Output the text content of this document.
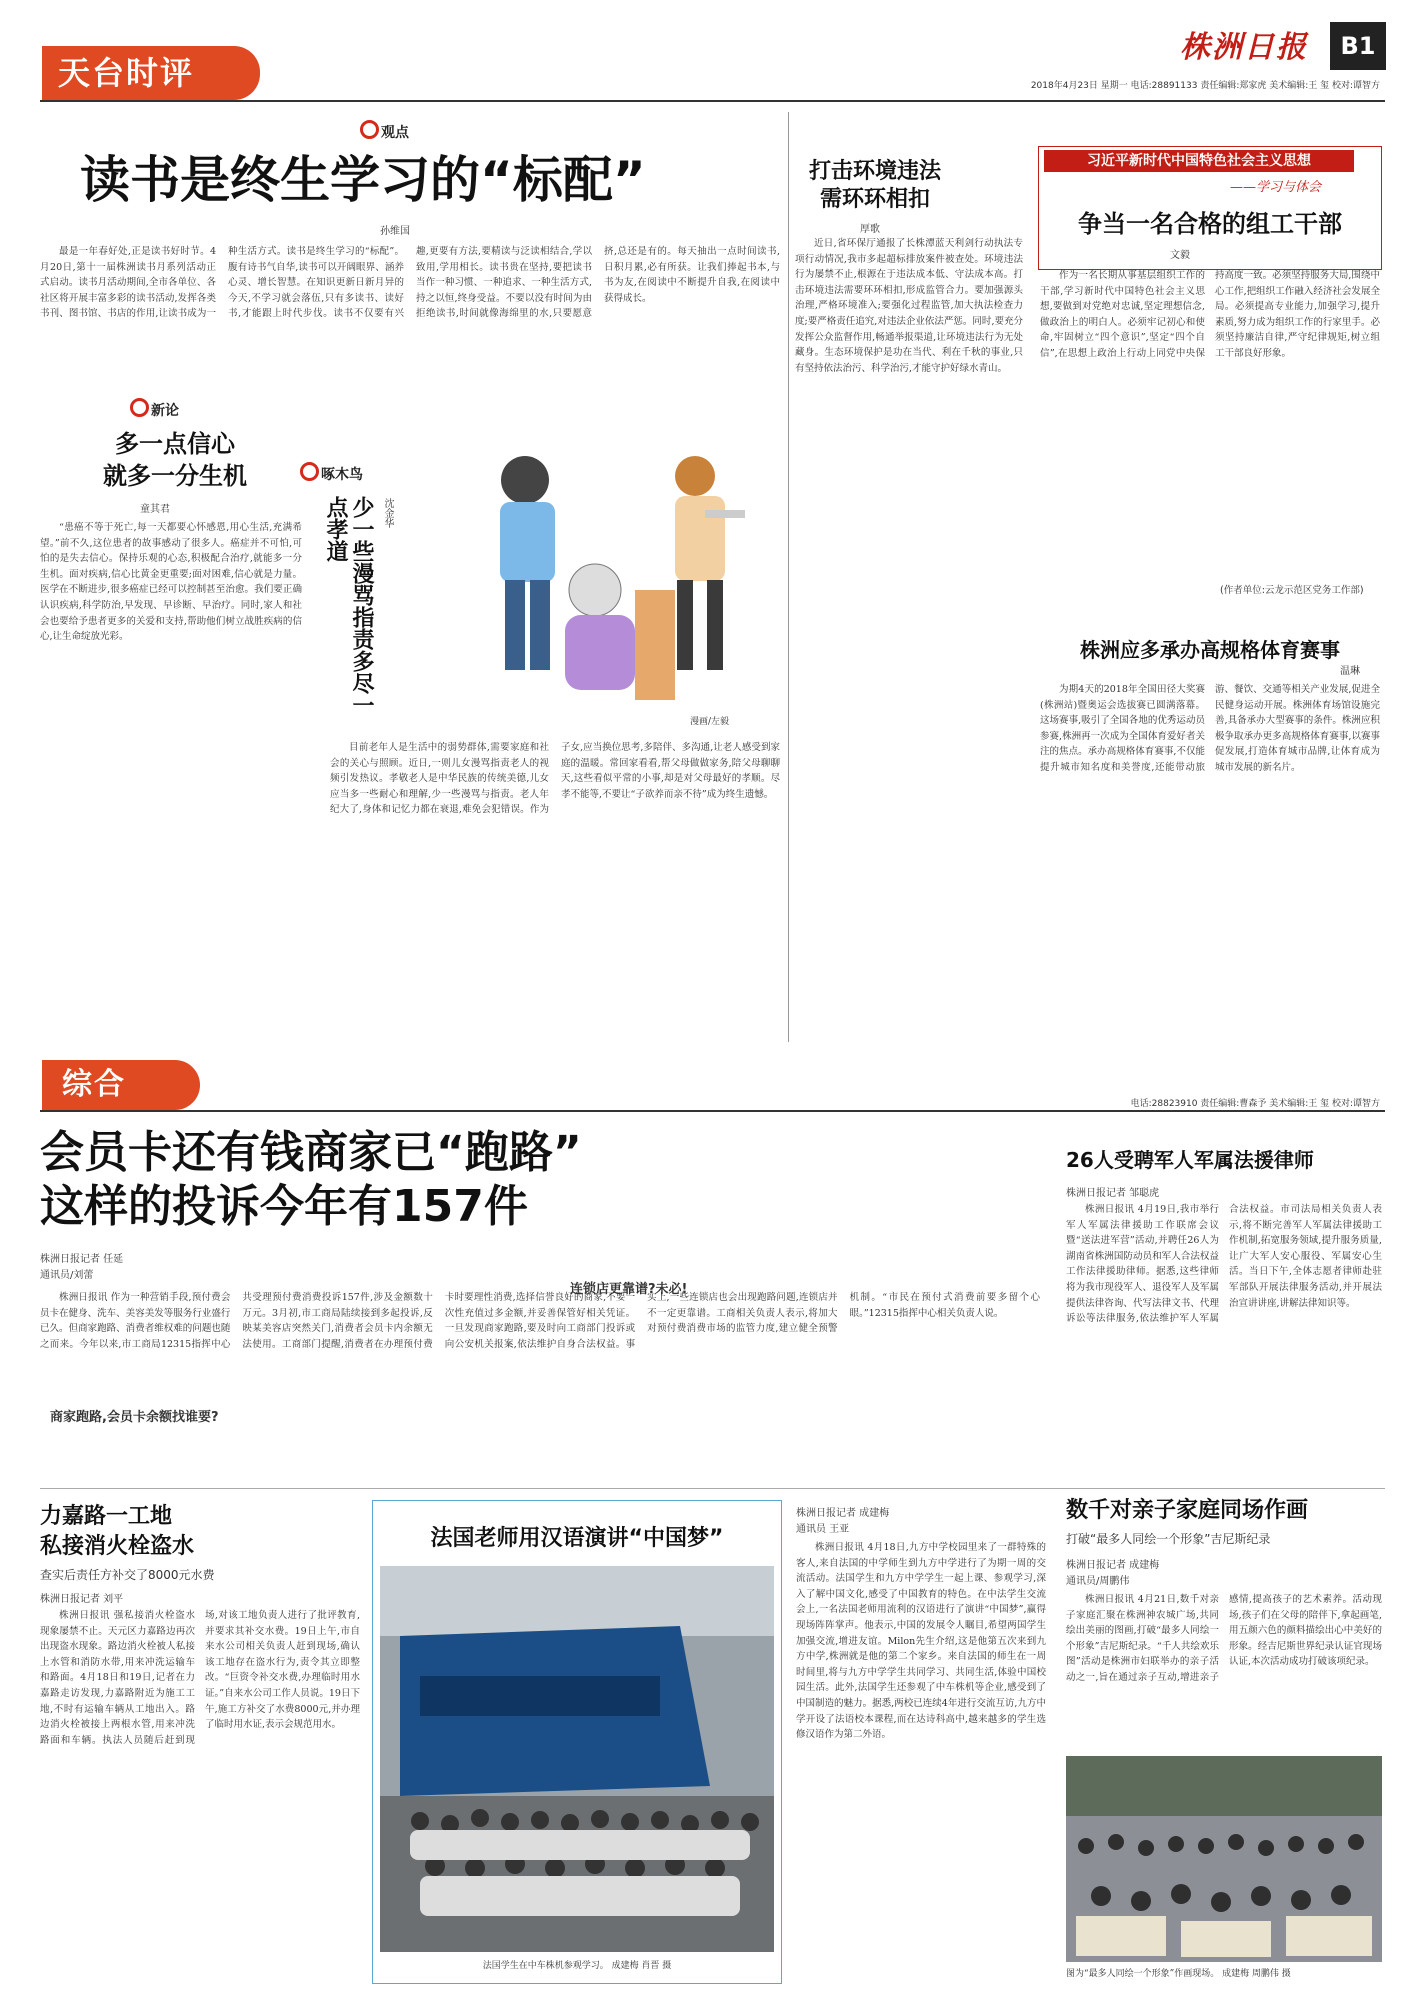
天台时评
株洲日报	B1
2018年4月23日 星期一 电话:28891133 责任编辑:郑家虎 美术编辑:王 玺 校对:谭智方
观点
读书是终生学习的“标配”
孙维国
最是一年春好处,正是读书好时节。4月20日,第十一届株洲读书月系列活动正式启动。读书月活动期间,全市各单位、各社区将开展丰富多彩的读书活动,发挥各类书刊、图书馆、书店的作用,让读书成为一种生活方式。读书是终生学习的“标配”。腹有诗书气自华,读书可以开阔眼界、涵养心灵、增长智慧。在知识更新日新月异的今天,不学习就会落伍,只有多读书、读好书,才能跟上时代步伐。读书不仅要有兴趣,更要有方法,要精读与泛读相结合,学以致用,学用相长。读书贵在坚持,要把读书当作一种习惯、一种追求、一种生活方式,持之以恒,终身受益。不要以没有时间为由拒绝读书,时间就像海绵里的水,只要愿意挤,总还是有的。每天抽出一点时间读书,日积月累,必有所获。让我们捧起书本,与书为友,在阅读中不断提升自我,在阅读中获得成长。
新论
多一点信心
就多一分生机
童其君
“患癌不等于死亡,每一天都要心怀感恩,用心生活,充满希望。”前不久,这位患者的故事感动了很多人。癌症并不可怕,可怕的是失去信心。保持乐观的心态,积极配合治疗,就能多一分生机。面对疾病,信心比黄金更重要;面对困难,信心就是力量。医学在不断进步,很多癌症已经可以控制甚至治愈。我们要正确认识疾病,科学防治,早发现、早诊断、早治疗。同时,家人和社会也要给予患者更多的关爱和支持,帮助他们树立战胜疾病的信心,让生命绽放光彩。
啄木鸟
少一些漫骂指责多尽一点孝道	沈金华
漫画/左毅
目前老年人是生活中的弱势群体,需要家庭和社会的关心与照顾。近日,一则儿女漫骂指责老人的视频引发热议。孝敬老人是中华民族的传统美德,儿女应当多一些耐心和理解,少一些漫骂与指责。老人年纪大了,身体和记忆力都在衰退,难免会犯错误。作为子女,应当换位思考,多陪伴、多沟通,让老人感受到家庭的温暖。常回家看看,帮父母做做家务,陪父母聊聊天,这些看似平常的小事,却是对父母最好的孝顺。尽孝不能等,不要让“子欲养而亲不待”成为终生遗憾。
打击环境违法
需环环相扣
厚歌
近日,省环保厅通报了长株潭蓝天利剑行动执法专项行动情况,我市多起超标排放案件被查处。环境违法行为屡禁不止,根源在于违法成本低、守法成本高。打击环境违法需要环环相扣,形成监管合力。要加强源头治理,严格环境准入;要强化过程监管,加大执法检查力度;要严格责任追究,对违法企业依法严惩。同时,要充分发挥公众监督作用,畅通举报渠道,让环境违法行为无处藏身。生态环境保护是功在当代、利在千秋的事业,只有坚持依法治污、科学治污,才能守护好绿水青山。
习近平新时代中国特色社会主义思想
——学习与体会
争当一名合格的组工干部
文毅
作为一名长期从事基层组织工作的干部,学习新时代中国特色社会主义思想,要做到对党绝对忠诚,坚定理想信念,做政治上的明白人。必须牢记初心和使命,牢固树立“四个意识”,坚定“四个自信”,在思想上政治上行动上同党中央保持高度一致。必须坚持服务大局,围绕中心工作,把组织工作融入经济社会发展全局。必须提高专业能力,加强学习,提升素质,努力成为组织工作的行家里手。必须坚持廉洁自律,严守纪律规矩,树立组工干部良好形象。
(作者单位:云龙示范区党务工作部)
株洲应多承办高规格体育赛事
温琳
为期4天的2018年全国田径大奖赛(株洲站)暨奥运会选拔赛已圆满落幕。这场赛事,吸引了全国各地的优秀运动员参赛,株洲再一次成为全国体育爱好者关注的焦点。承办高规格体育赛事,不仅能提升城市知名度和美誉度,还能带动旅游、餐饮、交通等相关产业发展,促进全民健身运动开展。株洲体育场馆设施完善,具备承办大型赛事的条件。株洲应积极争取承办更多高规格体育赛事,以赛事促发展,打造体育城市品牌,让体育成为城市发展的新名片。
综合
电话:28823910 责任编辑:曹森予 美术编辑:王 玺 校对:谭智方
会员卡还有钱商家已“跑路”
这样的投诉今年有157件
株洲日报记者 任延
通讯员/刘蕾
商家跑路,会员卡余额找谁要?
连锁店更靠谱?未必!
株洲日报讯 作为一种营销手段,预付费会员卡在健身、洗车、美容美发等服务行业盛行已久。但商家跑路、消费者维权难的问题也随之而来。今年以来,市工商局12315指挥中心共受理预付费消费投诉157件,涉及金额数十万元。3月初,市工商局陆续接到多起投诉,反映某美容店突然关门,消费者会员卡内余额无法使用。工商部门提醒,消费者在办理预付费卡时要理性消费,选择信誉良好的商家,不要一次性充值过多金额,并妥善保管好相关凭证。一旦发现商家跑路,要及时向工商部门投诉或向公安机关报案,依法维护自身合法权益。事实上,一些连锁店也会出现跑路问题,连锁店并不一定更靠谱。工商相关负责人表示,将加大对预付费消费市场的监管力度,建立健全预警机制。“市民在预付式消费前要多留个心眼。”12315指挥中心相关负责人说。
26人受聘军人军属法援律师
株洲日报记者 邹聪虎
株洲日报讯 4月19日,我市举行军人军属法律援助工作联席会议暨“送法进军营”活动,并聘任26人为湖南省株洲国防动员和军人合法权益工作法律援助律师。据悉,这些律师将为我市现役军人、退役军人及军属提供法律咨询、代写法律文书、代理诉讼等法律服务,依法维护军人军属合法权益。市司法局相关负责人表示,将不断完善军人军属法律援助工作机制,拓宽服务领域,提升服务质量,让广大军人安心服役、军属安心生活。当日下午,全体志愿者律师赴驻军部队开展法律服务活动,并开展法治宣讲讲座,讲解法律知识等。
力嘉路一工地
私接消火栓盗水
查实后责任方补交了8000元水费
株洲日报记者 刘平
株洲日报讯 强私接消火栓盗水现象屡禁不止。天元区力嘉路边再次出现盗水现象。路边消火栓被人私接上水管和消防水带,用来冲洗运输车和路面。4月18日和19日,记者在力嘉路走访发现,力嘉路附近为施工工地,不时有运输车辆从工地出入。路边消火栓被接上两根水管,用来冲洗路面和车辆。执法人员随后赶到现场,对该工地负责人进行了批评教育,并要求其补交水费。19日上午,市自来水公司相关负责人赶到现场,确认该工地存在盗水行为,责令其立即整改。“巨资令补交水费,办理临时用水证。”自来水公司工作人员说。19日下午,施工方补交了水费8000元,并办理了临时用水证,表示会规范用水。
法国老师用汉语演讲“中国梦”
法国学生在中车株机参观学习。 成建梅 肖晋 摄
株洲日报记者 成建梅
通讯员 王亚
株洲日报讯 4月18日,九方中学校园里来了一群特殊的客人,来自法国的中学师生到九方中学进行了为期一周的交流活动。法国学生和九方中学学生一起上课、参观学习,深入了解中国文化,感受了中国教育的特色。在中法学生交流会上,一名法国老师用流利的汉语进行了演讲“中国梦”,赢得现场阵阵掌声。他表示,中国的发展令人瞩目,希望两国学生加强交流,增进友谊。Milon先生介绍,这是他第五次来到九方中学,株洲就是他的第二个家乡。来自法国的师生在一周时间里,将与九方中学学生共同学习、共同生活,体验中国校园生活。此外,法国学生还参观了中车株机等企业,感受到了中国制造的魅力。据悉,两校已连续4年进行交流互访,九方中学开设了法语校本课程,而在达诗科高中,越来越多的学生选修汉语作为第二外语。
数千对亲子家庭同场作画
打破“最多人同绘一个形象”吉尼斯纪录
株洲日报记者 成建梅
通讯员/周鹏伟
株洲日报讯 4月21日,数千对亲子家庭汇聚在株洲神农城广场,共同绘出美丽的图画,打破“最多人同绘一个形象”吉尼斯纪录。“千人共绘欢乐图”活动是株洲市妇联举办的亲子活动之一,旨在通过亲子互动,增进亲子感情,提高孩子的艺术素养。活动现场,孩子们在父母的陪伴下,拿起画笔,用五颜六色的颜料描绘出心中美好的形象。经吉尼斯世界纪录认证官现场认证,本次活动成功打破该项纪录。
图为“最多人同绘一个形象”作画现场。 成建梅 周鹏伟 摄
